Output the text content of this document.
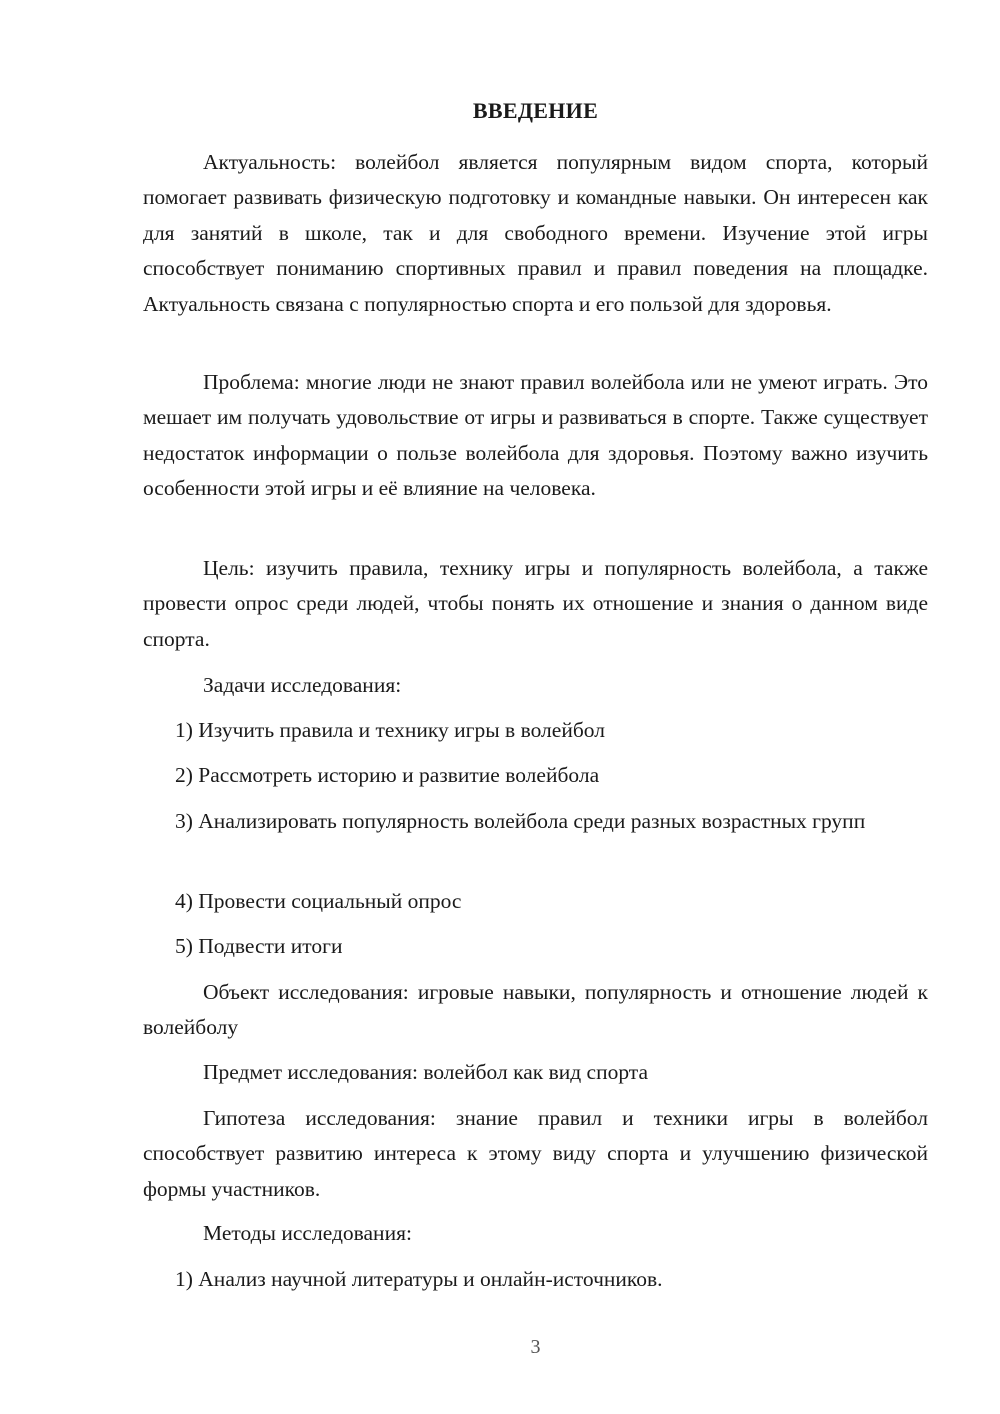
ВВЕДЕНИЕ

Актуальность: волейбол является популярным видом спорта, который помогает развивать физическую подготовку и командные навыки. Он интересен как для занятий в школе, так и для свободного времени. Изучение этой игры способствует пониманию спортивных правил и правил поведения на площадке. Актуальность связана с популярностью спорта и его пользой для здоровья.

Проблема: многие люди не знают правил волейбола или не умеют играть. Это мешает им получать удовольствие от игры и развиваться в спорте. Также существует недостаток информации о пользе волейбола для здоровья. Поэтому важно изучить особенности этой игры и её влияние на человека.

Цель: изучить правила, технику игры и популярность волейбола, а также провести опрос среди людей, чтобы понять их отношение и знания о данном виде спорта.

Задачи исследования:

1) Изучить правила и технику игры в волейбол

2) Рассмотреть историю и развитие волейбола

3) Анализировать популярность волейбола среди разных возрастных групп

4) Провести социальный опрос

5) Подвести итоги

Объект исследования: игровые навыки, популярность и отношение людей к волейболу

Предмет исследования: волейбол как вид спорта

Гипотеза исследования: знание правил и техники игры в волейбол способствует развитию интереса к этому виду спорта и улучшению физической формы участников.

Методы исследования:

1) Анализ научной литературы и онлайн-источников.

3
